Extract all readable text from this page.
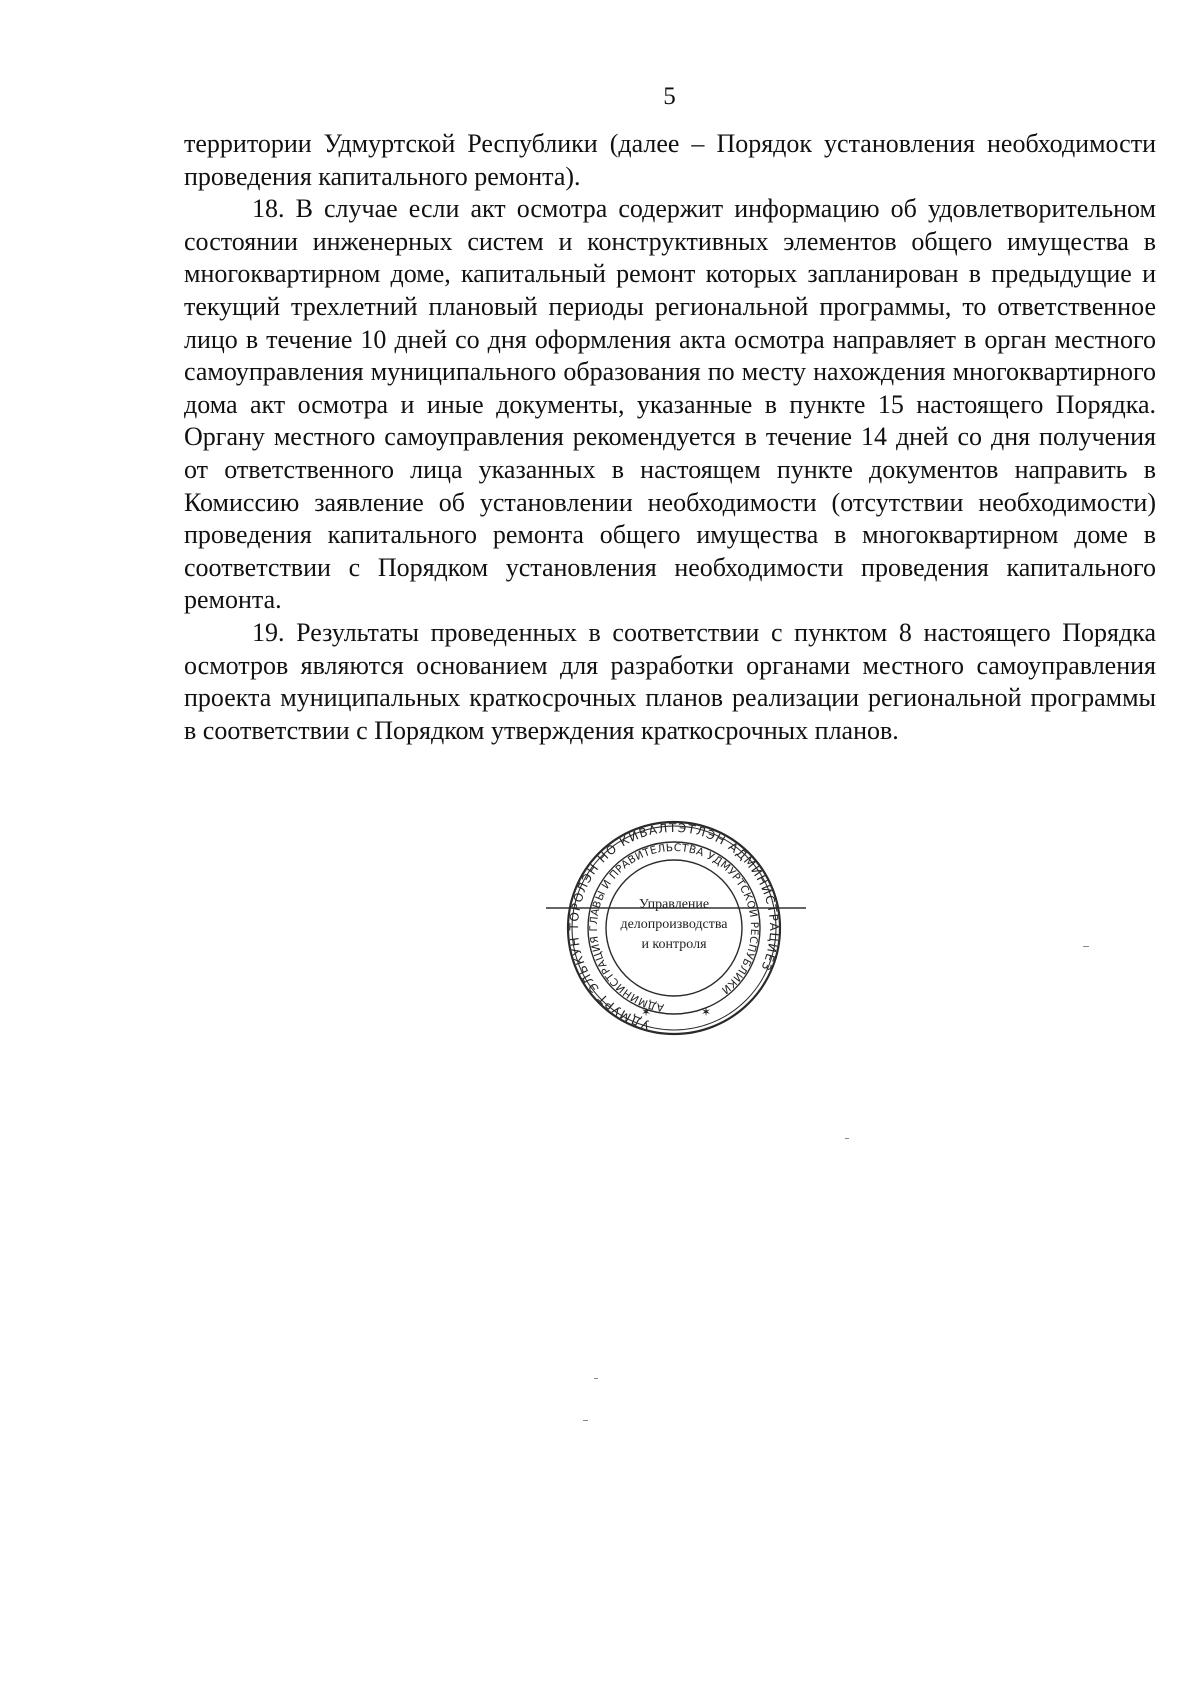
5

территории Удмуртской Республики (далее – Порядок установления необходимости проведения капитального ремонта).

18. В случае если акт осмотра содержит информацию об удовлетворительном состоянии инженерных систем и конструктивных элементов общего имущества в многоквартирном доме, капитальный ремонт которых запланирован в предыдущие и текущий трехлетний плановый периоды региональной программы, то ответственное лицо в течение 10 дней со дня оформления акта осмотра направляет в орган местного самоуправления муниципального образования по месту нахождения многоквартирного дома акт осмотра и иные документы, указанные в пункте 15 настоящего Порядка. Органу местного самоуправления рекомендуется в течение 14 дней со дня получения от ответственного лица указанных в настоящем пункте документов направить в Комиссию заявление об установлении необходимости (отсутствии необходимости) проведения капитального ремонта общего имущества в многоквартирном доме в соответствии с Порядком установления необходимости проведения капитального ремонта.

19. Результаты проведенных в соответствии с пунктом 8 настоящего Порядка осмотров являются основанием для разработки органами местного самоуправления проекта муниципальных краткосрочных планов реализации региональной программы в соответствии с Порядком утверждения краткосрочных планов.

УДМУРТ ЭЛЬКУН ТÖРОЛЭН НО КИВАЛТЭТЛЭН АДМИНИСТРАЦИЕЗ
АДМИНИСТРАЦИЯ ГЛАВЫ И ПРАВИТЕЛЬСТВА УДМУРТСКОЙ РЕСПУБЛИКИ
Управление
делопроизводства
и контроля
✶	✶
